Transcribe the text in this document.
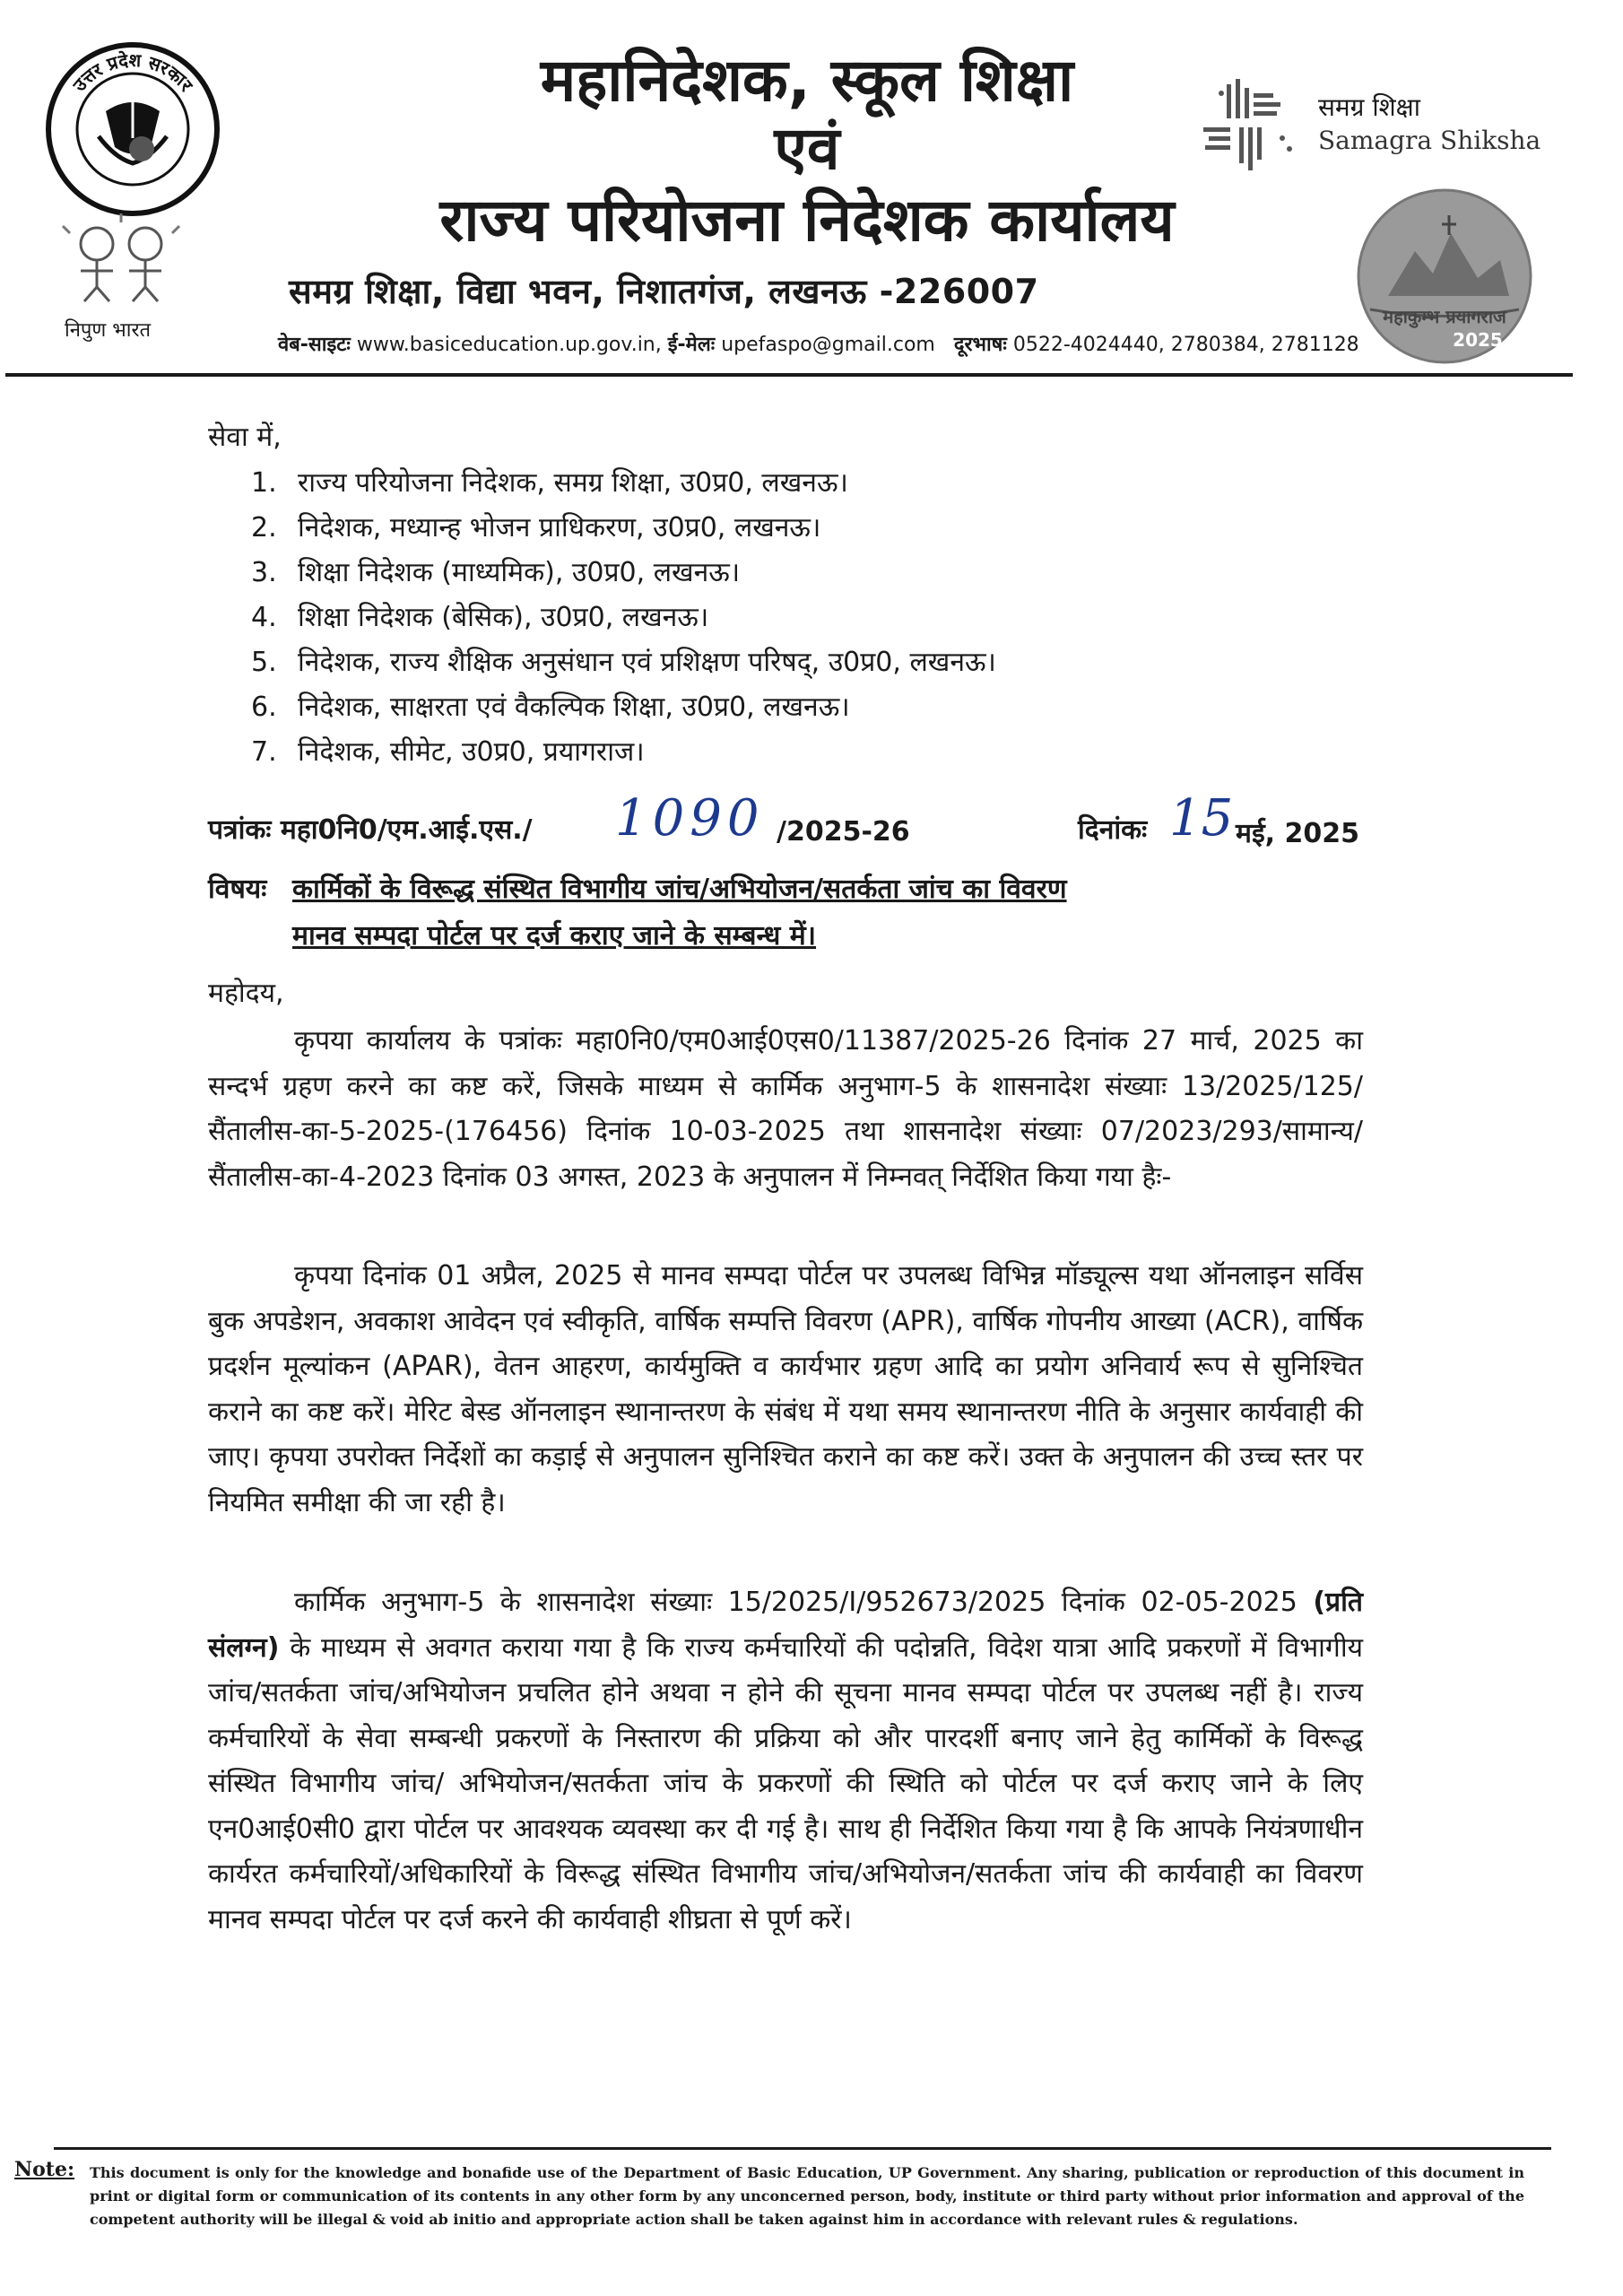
उत्तर प्रदेश सरकार
निपुण भारत
महानिदेशक, स्कूल शिक्षा
एवं
राज्य परियोजना निदेशक कार्यालय
समग्र शिक्षा, विद्या भवन, निशातगंज, लखनऊ -226007
वेब-साइटः www.basiceducation.up.gov.in, ई-मेलः upefaspo@gmail.com दूरभाषः 0522-4024440, 2780384, 2781128
समग्र शिक्षा
Samagra Shiksha
महाकुम्भ प्रयागराज
2025
सेवा में,
1. राज्य परियोजना निदेशक, समग्र शिक्षा, उ0प्र0, लखनऊ।
2. निदेशक, मध्यान्ह भोजन प्राधिकरण, उ0प्र0, लखनऊ।
3. शिक्षा निदेशक (माध्यमिक), उ0प्र0, लखनऊ।
4. शिक्षा निदेशक (बेसिक), उ0प्र0, लखनऊ।
5. निदेशक, राज्य शैक्षिक अनुसंधान एवं प्रशिक्षण परिषद्, उ0प्र0, लखनऊ।
6. निदेशक, साक्षरता एवं वैकल्पिक शिक्षा, उ0प्र0, लखनऊ।
7. निदेशक, सीमेट, उ0प्र0, प्रयागराज।
पत्रांकः महा0नि0/एम.आई.एस./ 1090 /2025-26	दिनांकः 15 मई, 2025
विषयः कार्मिकों के विरूद्ध संस्थित विभागीय जांच/अभियोजन/सतर्कता जांच का विवरण
मानव सम्पदा पोर्टल पर दर्ज कराए जाने के सम्बन्ध में।
महोदय,
कृपया कार्यालय के पत्रांकः महा0नि0/एम0आई0एस0/11387/2025-26 दिनांक 27 मार्च, 2025 का सन्दर्भ ग्रहण करने का कष्ट करें, जिसके माध्यम से कार्मिक अनुभाग-5 के शासनादेश संख्याः 13/2025/125/सैंतालीस-का-5-2025-(176456) दिनांक 10-03-2025 तथा शासनादेश संख्याः 07/2023/293/सामान्य/सैंतालीस-का-4-2023 दिनांक 03 अगस्त, 2023 के अनुपालन में निम्नवत् निर्देशित किया गया हैः-
कृपया दिनांक 01 अप्रैल, 2025 से मानव सम्पदा पोर्टल पर उपलब्ध विभिन्न मॉड्यूल्स यथा ऑनलाइन सर्विस बुक अपडेशन, अवकाश आवेदन एवं स्वीकृति, वार्षिक सम्पत्ति विवरण (APR), वार्षिक गोपनीय आख्या (ACR), वार्षिक प्रदर्शन मूल्यांकन (APAR), वेतन आहरण, कार्यमुक्ति व कार्यभार ग्रहण आदि का प्रयोग अनिवार्य रूप से सुनिश्चित कराने का कष्ट करें। मेरिट बेस्ड ऑनलाइन स्थानान्तरण के संबंध में यथा समय स्थानान्तरण नीति के अनुसार कार्यवाही की जाए। कृपया उपरोक्त निर्देशों का कड़ाई से अनुपालन सुनिश्चित कराने का कष्ट करें। उक्त के अनुपालन की उच्च स्तर पर नियमित समीक्षा की जा रही है।
कार्मिक अनुभाग-5 के शासनादेश संख्याः 15/2025/I/952673/2025 दिनांक 02-05-2025 (प्रति संलग्न) के माध्यम से अवगत कराया गया है कि राज्य कर्मचारियों की पदोन्नति, विदेश यात्रा आदि प्रकरणों में विभागीय जांच/सतर्कता जांच/अभियोजन प्रचलित होने अथवा न होने की सूचना मानव सम्पदा पोर्टल पर उपलब्ध नहीं है। राज्य कर्मचारियों के सेवा सम्बन्धी प्रकरणों के निस्तारण की प्रक्रिया को और पारदर्शी बनाए जाने हेतु कार्मिकों के विरूद्ध संस्थित विभागीय जांच/ अभियोजन/सतर्कता जांच के प्रकरणों की स्थिति को पोर्टल पर दर्ज कराए जाने के लिए एन0आई0सी0 द्वारा पोर्टल पर आवश्यक व्यवस्था कर दी गई है। साथ ही निर्देशित किया गया है कि आपके नियंत्रणाधीन कार्यरत कर्मचारियों/अधिकारियों के विरूद्ध संस्थित विभागीय जांच/अभियोजन/सतर्कता जांच की कार्यवाही का विवरण मानव सम्पदा पोर्टल पर दर्ज करने की कार्यवाही शीघ्रता से पूर्ण करें।
Note: This document is only for the knowledge and bonafide use of the Department of Basic Education, UP Government. Any sharing, publication or reproduction of this document in print or digital form or communication of its contents in any other form by any unconcerned person, body, institute or third party without prior information and approval of the competent authority will be illegal & void ab initio and appropriate action shall be taken against him in accordance with relevant rules & regulations.
